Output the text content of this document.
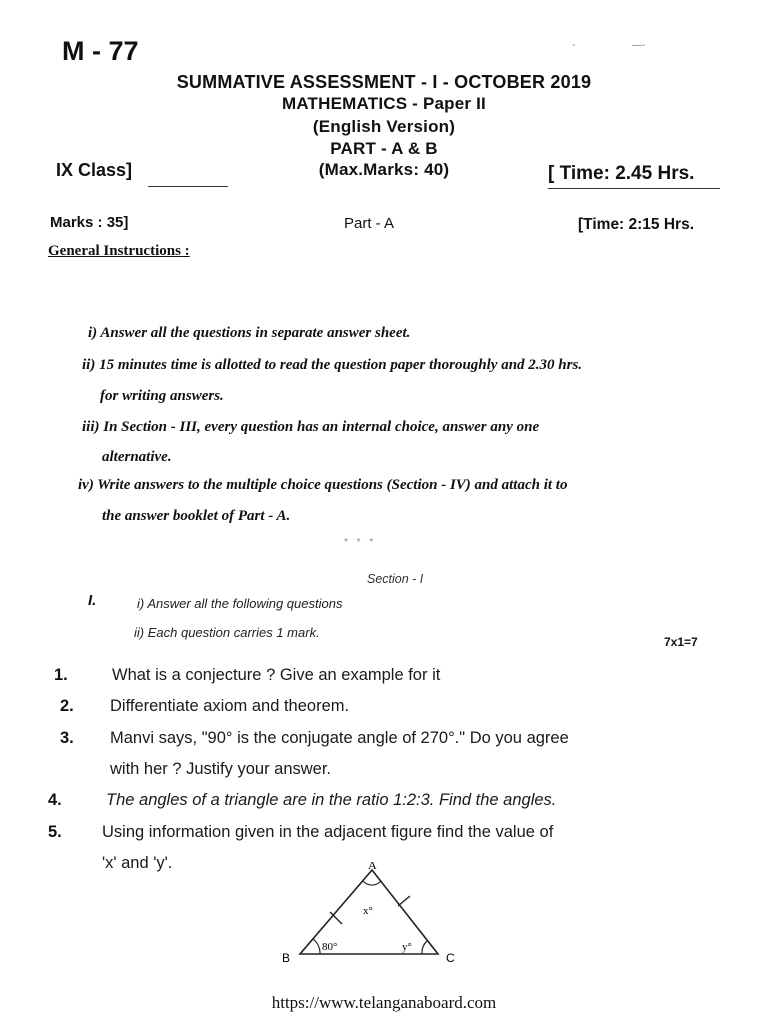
M - 77
SUMMATIVE ASSESSMENT - I - OCTOBER 2019
MATHEMATICS - Paper II
(English Version)
PART - A & B
(Max.Marks: 40)
IX Class]	[ Time: 2.45 Hrs.
-	—-
Marks : 35]	Part - A	[Time: 2:15 Hrs.
General Instructions :
i) Answer all the questions in separate answer sheet.
ii) 15 minutes time is allotted to read the question paper thoroughly and 2.30 hrs.
for writing answers.
iii) In Section - III, every question has an internal choice, answer any one
alternative.
iv) Write answers to the multiple choice questions (Section - IV) and attach it to
the answer booklet of Part - A.
* * *
Section - I
I.	i) Answer all the following questions
ii) Each question carries 1 mark.
7x1=7
1.	What is a conjecture ? Give an example for it
2. Differentiate axiom and theorem.
3. Manvi says, "90° is the conjugate angle of 270°." Do you agree
with her ? Justify your answer.
4.	The angles of a triangle are in the ratio 1:2:3. Find the angles.
5. Using information given in the adjacent figure find the value of
'x' and 'y'.	A
B	C
x°
80°	y°
https://www.telanganaboard.com
